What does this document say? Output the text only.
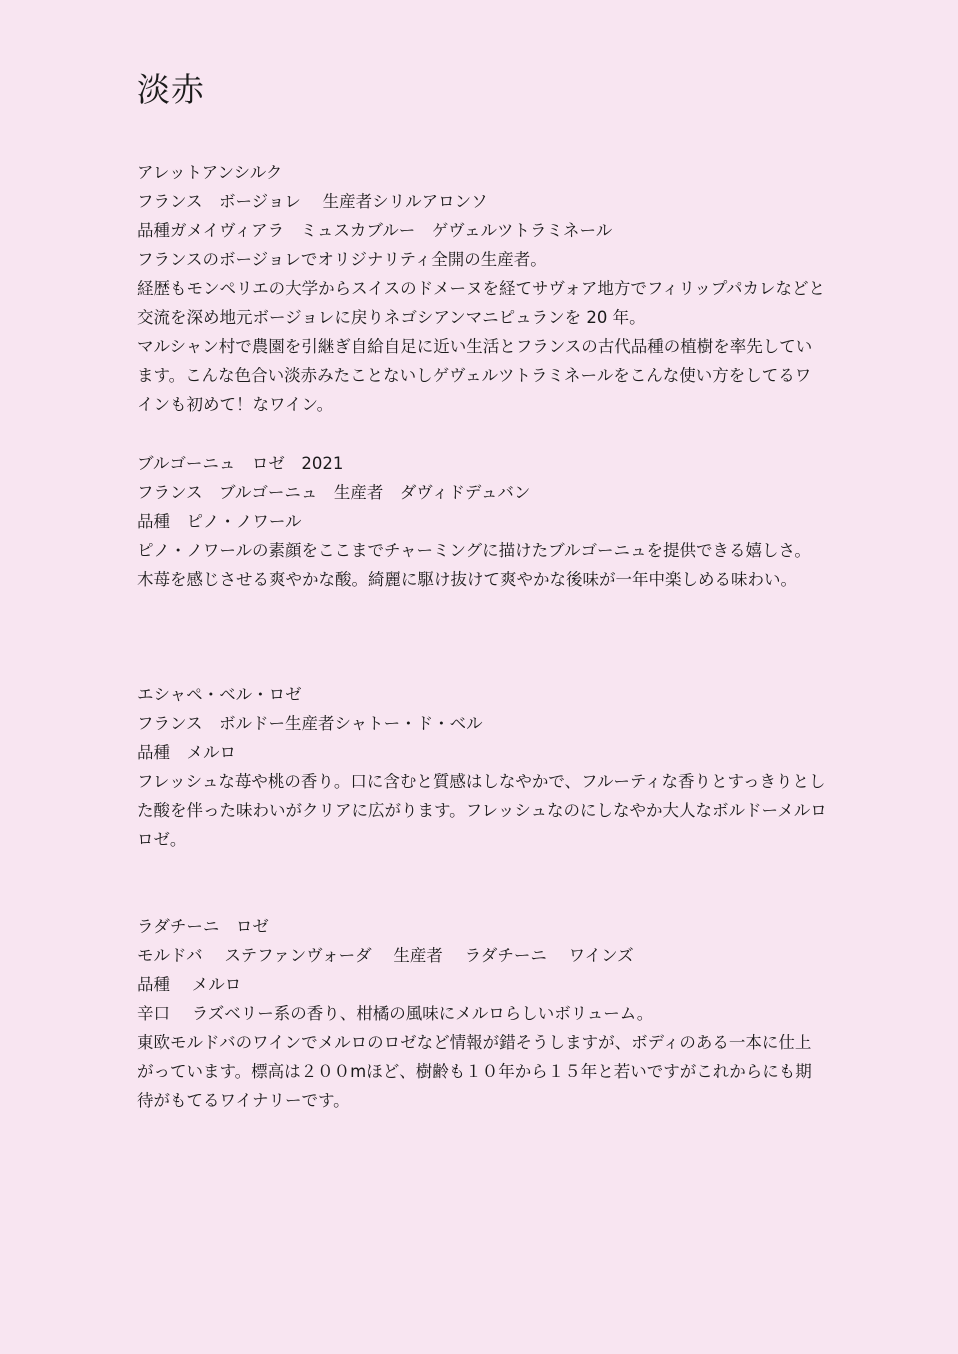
淡赤
アレットアンシルク
フランス　ボージョレ　 生産者シリルアロンソ
品種ガメイヴィアラ　ミュスカブルー　ゲヴェルツトラミネール
フランスのボージョレでオリジナリティ全開の生産者。
経歴もモンペリエの大学からスイスのドメーヌを経てサヴォア地方でフィリップパカレなどと交流を深め地元ボージョレに戻りネゴシアンマニピュランを 20 年。
マルシャン村で農園を引継ぎ自給自足に近い生活とフランスの古代品種の植樹を率先しています。こんな色合い淡赤みたことないしゲヴェルツトラミネールをこんな使い方をしてるワインも初めて！なワイン。
ブルゴーニュ　ロゼ　2021
フランス　ブルゴーニュ　生産者　ダヴィドデュバン
品種　ピノ・ノワール
ピノ・ノワールの素顔をここまでチャーミングに描けたブルゴーニュを提供できる嬉しさ。木苺を感じさせる爽やかな酸。綺麗に駆け抜けて爽やかな後味が一年中楽しめる味わい。
エシャペ・ベル・ロゼ
フランス　ボルドー生産者シャトー・ド・ベル
品種　メルロ
フレッシュな苺や桃の香り。口に含むと質感はしなやかで、フルーティな香りとすっきりとした酸を伴った味わいがクリアに広がります。フレッシュなのにしなやか大人なボルドーメルロ　ロゼ。
ラダチーニ　ロゼ
モルドバ　 ステファンヴォーダ　 生産者　 ラダチーニ　 ワインズ
品種　 メルロ
辛口　 ラズベリー系の香り、柑橘の風味にメルロらしいボリューム。
東欧モルドバのワインでメルロのロゼなど情報が錯そうしますが、ボディのある一本に仕上がっています。標高は２００mほど、樹齢も１０年から１５年と若いですがこれからにも期待がもてるワイナリーです。
